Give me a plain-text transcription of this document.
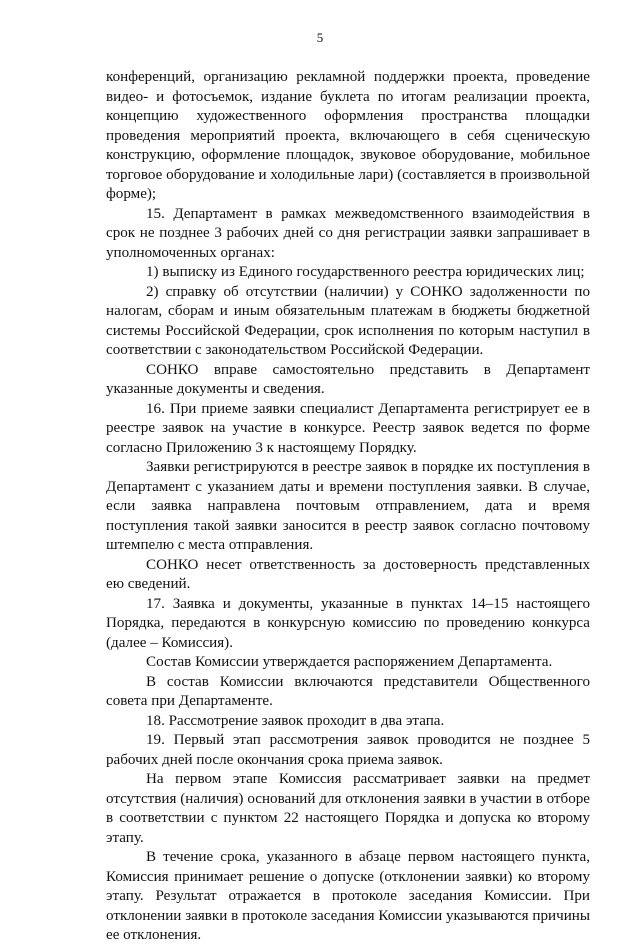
5

конференций, организацию рекламной поддержки проекта, проведение видео- и фотосъемок, издание буклета по итогам реализации проекта, концепцию художественного оформления пространства площадки проведения мероприятий проекта, включающего в себя сценическую конструкцию, оформление площадок, звуковое оборудование, мобильное торговое оборудование и холодильные лари) (составляется в произвольной форме);

15. Департамент в рамках межведомственного взаимодействия в срок не позднее 3 рабочих дней со дня регистрации заявки запрашивает в уполномоченных органах:

1) выписку из Единого государственного реестра юридических лиц;

2) справку об отсутствии (наличии) у СОНКО задолженности по налогам, сборам и иным обязательным платежам в бюджеты бюджетной системы Российской Федерации, срок исполнения по которым наступил в соответствии с законодательством Российской Федерации.

СОНКО вправе самостоятельно представить в Департамент указанные документы и сведения.

16. При приеме заявки специалист Департамента регистрирует ее в реестре заявок на участие в конкурсе. Реестр заявок ведется по форме согласно Приложению 3 к настоящему Порядку.

Заявки регистрируются в реестре заявок в порядке их поступления в Департамент с указанием даты и времени поступления заявки. В случае, если заявка направлена почтовым отправлением, дата и время поступления такой заявки заносится в реестр заявок согласно почтовому штемпелю с места отправления.

СОНКО несет ответственность за достоверность представленных ею сведений.

17. Заявка и документы, указанные в пунктах 14–15 настоящего Порядка, передаются в конкурсную комиссию по проведению конкурса (далее – Комиссия).

Состав Комиссии утверждается распоряжением Департамента.

В состав Комиссии включаются представители Общественного совета при Департаменте.

18. Рассмотрение заявок проходит в два этапа.

19. Первый этап рассмотрения заявок проводится не позднее 5 рабочих дней после окончания срока приема заявок.

На первом этапе Комиссия рассматривает заявки на предмет отсутствия (наличия) оснований для отклонения заявки в участии в отборе в соответствии с пунктом 22 настоящего Порядка и допуска ко второму этапу.

В течение срока, указанного в абзаце первом настоящего пункта, Комиссия принимает решение о допуске (отклонении заявки) ко второму этапу. Результат отражается в протоколе заседания Комиссии. При отклонении заявки в протоколе заседания Комиссии указываются причины ее отклонения.
